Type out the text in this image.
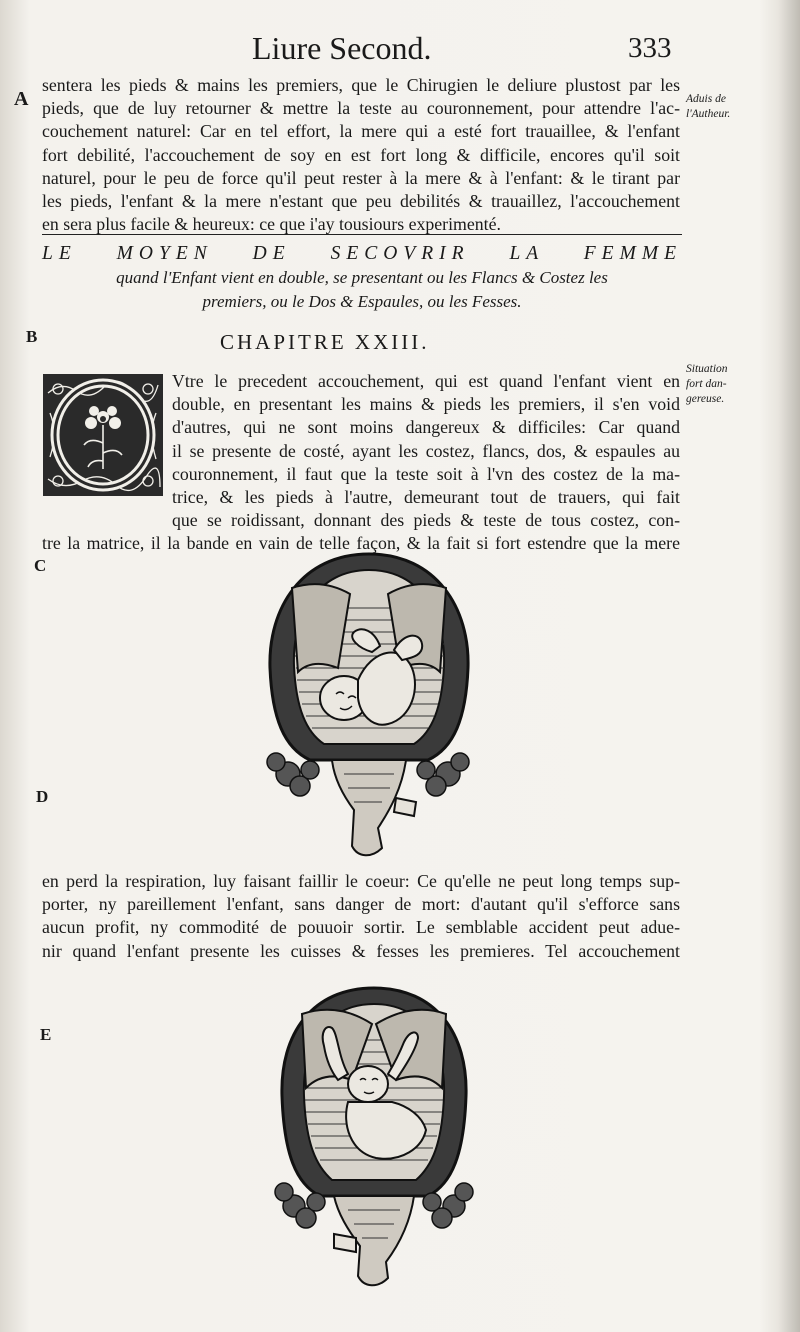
Liure Second.	333
A
B
C
D
E
Aduis de
l'Autheur.
Situation
fort dan-
gereuse.
sentera les pieds & mains les premiers, que le Chirugien le deliure plustost par les
pieds, que de luy retourner & mettre la teste au couronnement, pour attendre l'ac-
couchement naturel: Car en tel effort, la mere qui a esté fort trauaillee, & l'enfant
fort debilité, l'accouchement de soy en est fort long & difficile, encores qu'il soit
naturel, pour le peu de force qu'il peut rester à la mere & à l'enfant: & le tirant par
les pieds, l'enfant & la mere n'estant que peu debilités & trauaillez, l'accouchement
en sera plus facile & heureux: ce que i'ay tousiours experimenté.
LE MOYEN DE SECOVRIR LA FEMME
quand l'Enfant vient en double, se presentant ou les Flancs & Costez les
premiers, ou le Dos & Espaules, ou les Fesses.
CHAPITRE XXIII.
Vtre le precedent accouchement, qui est quand l'enfant vient en
double, en presentant les mains & pieds les premiers, il s'en void
d'autres, qui ne sont moins dangereux & difficiles: Car quand
il se presente de costé, ayant les costez, flancs, dos, & espaules au
couronnement, il faut que la teste soit à l'vn des costez de la ma-
trice, & les pieds à l'autre, demeurant tout de trauers, qui fait
que se roidissant, donnant des pieds & teste de tous costez, con-
tre la matrice, il la bande en vain de telle façon, & la fait si fort estendre que la mere
en perd la respiration, luy faisant faillir le coeur: Ce qu'elle ne peut long temps sup-
porter, ny pareillement l'enfant, sans danger de mort: d'autant qu'il s'efforce sans
aucun profit, ny commodité de pouuoir sortir. Le semblable accident peut adue-
nir quand l'enfant presente les cuisses & fesses les premieres. Tel accouchement
